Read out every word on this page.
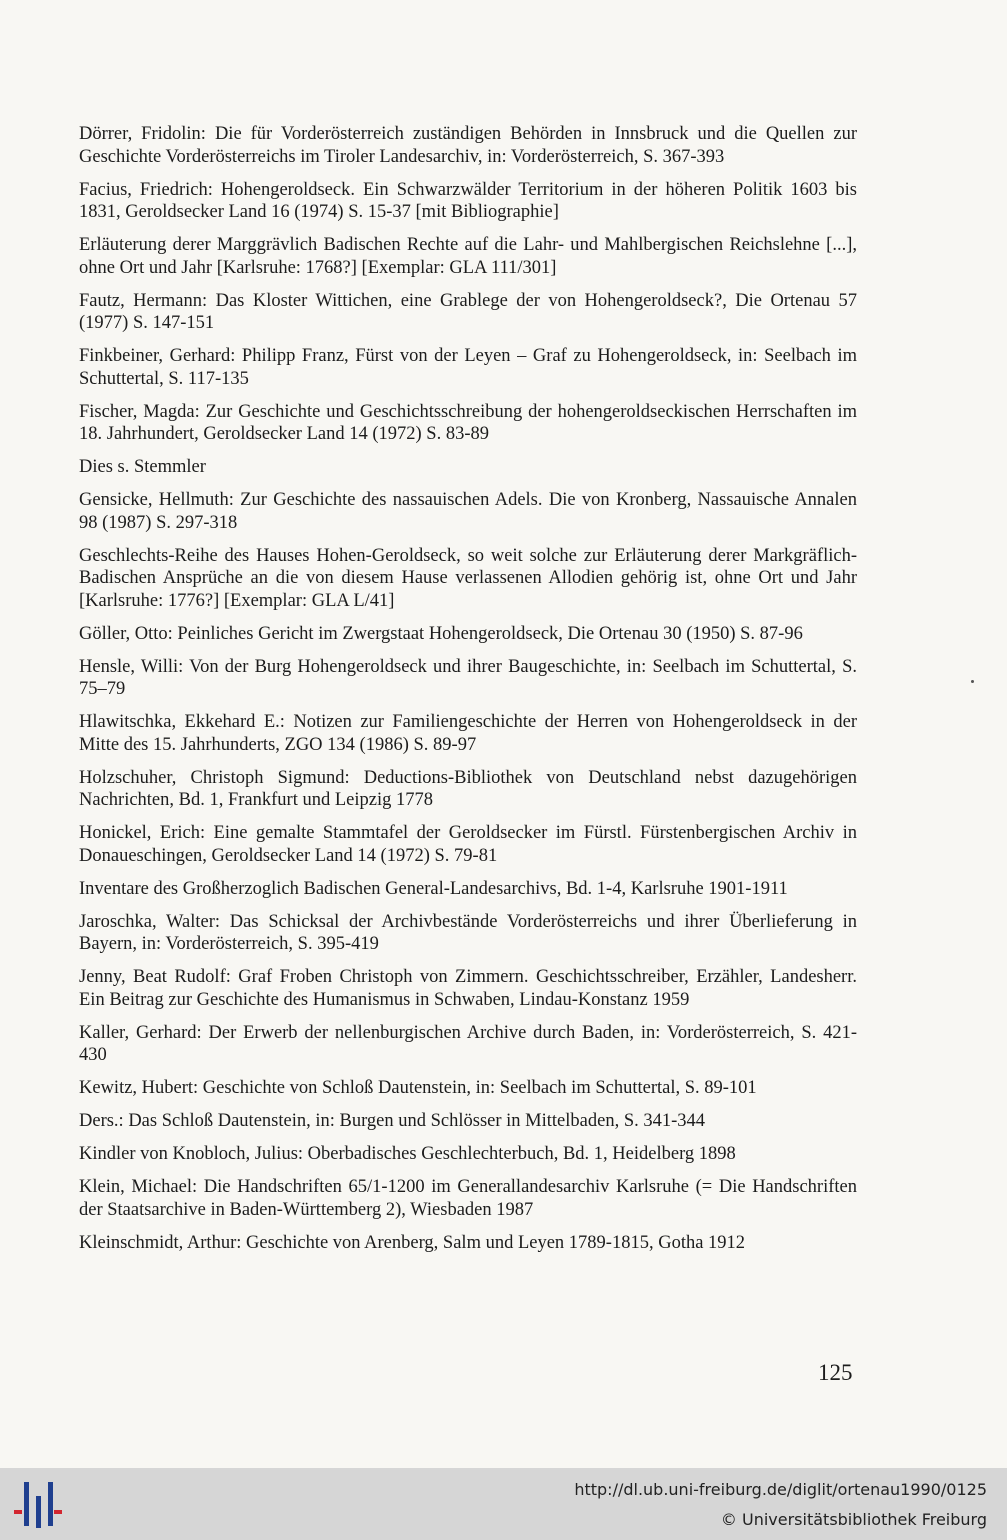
Dörrer, Fridolin: Die für Vorderösterreich zuständigen Behörden in Innsbruck und die Quellen zur Geschichte Vorderösterreichs im Tiroler Landesarchiv, in: Vorderösterreich, S. 367-393

Facius, Friedrich: Hohengeroldseck. Ein Schwarzwälder Territorium in der höheren Politik 1603 bis 1831, Geroldsecker Land 16 (1974) S. 15-37 [mit Bibliographie]

Erläuterung derer Marggrävlich Badischen Rechte auf die Lahr- und Mahlbergischen Reichslehne [...], ohne Ort und Jahr [Karlsruhe: 1768?] [Exemplar: GLA 111/301]

Fautz, Hermann: Das Kloster Wittichen, eine Grablege der von Hohengeroldseck?, Die Ortenau 57 (1977) S. 147-151

Finkbeiner, Gerhard: Philipp Franz, Fürst von der Leyen – Graf zu Hohengeroldseck, in: Seelbach im Schuttertal, S. 117-135

Fischer, Magda: Zur Geschichte und Geschichtsschreibung der hohengeroldseckischen Herrschaften im 18. Jahrhundert, Geroldsecker Land 14 (1972) S. 83-89

Dies s. Stemmler

Gensicke, Hellmuth: Zur Geschichte des nassauischen Adels. Die von Kronberg, Nassauische Annalen 98 (1987) S. 297-318

Geschlechts-Reihe des Hauses Hohen-Geroldseck, so weit solche zur Erläuterung derer Markgräflich-Badischen Ansprüche an die von diesem Hause verlassenen Allodien gehörig ist, ohne Ort und Jahr [Karlsruhe: 1776?] [Exemplar: GLA L/41]

Göller, Otto: Peinliches Gericht im Zwergstaat Hohengeroldseck, Die Ortenau 30 (1950) S. 87-96

Hensle, Willi: Von der Burg Hohengeroldseck und ihrer Baugeschichte, in: Seelbach im Schuttertal, S. 75–79

Hlawitschka, Ekkehard E.: Notizen zur Familiengeschichte der Herren von Hohengeroldseck in der Mitte des 15. Jahrhunderts, ZGO 134 (1986) S. 89-97

Holzschuher, Christoph Sigmund: Deductions-Bibliothek von Deutschland nebst dazugehörigen Nachrichten, Bd. 1, Frankfurt und Leipzig 1778

Honickel, Erich: Eine gemalte Stammtafel der Geroldsecker im Fürstl. Fürstenbergischen Archiv in Donaueschingen, Geroldsecker Land 14 (1972) S. 79-81

Inventare des Großherzoglich Badischen General-Landesarchivs, Bd. 1-4, Karlsruhe 1901-1911

Jaroschka, Walter: Das Schicksal der Archivbestände Vorderösterreichs und ihrer Überlieferung in Bayern, in: Vorderösterreich, S. 395-419

Jenny, Beat Rudolf: Graf Froben Christoph von Zimmern. Geschichtsschreiber, Erzähler, Landesherr. Ein Beitrag zur Geschichte des Humanismus in Schwaben, Lindau-Konstanz 1959

Kaller, Gerhard: Der Erwerb der nellenburgischen Archive durch Baden, in: Vorderösterreich, S. 421-430

Kewitz, Hubert: Geschichte von Schloß Dautenstein, in: Seelbach im Schuttertal, S. 89-101

Ders.: Das Schloß Dautenstein, in: Burgen und Schlösser in Mittelbaden, S. 341-344

Kindler von Knobloch, Julius: Oberbadisches Geschlechterbuch, Bd. 1, Heidelberg 1898

Klein, Michael: Die Handschriften 65/1-1200 im Generallandesarchiv Karlsruhe (= Die Handschriften der Staatsarchive in Baden-Württemberg 2), Wiesbaden 1987

Kleinschmidt, Arthur: Geschichte von Arenberg, Salm und Leyen 1789-1815, Gotha 1912

125
http://dl.ub.uni-freiburg.de/diglit/ortenau1990/0125
© Universitätsbibliothek Freiburg
